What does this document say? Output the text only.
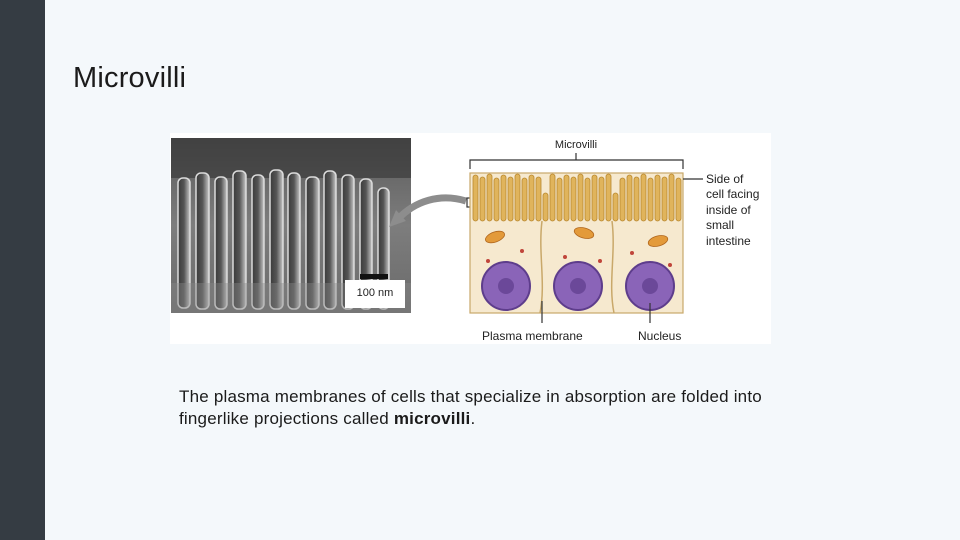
Microvilli
100 nm
Microvilli
Side of
cell facing
inside of
small
intestine
Plasma membrane	Nucleus
The plasma membranes of cells that specialize in absorption are folded into fingerlike projections called microvilli.
